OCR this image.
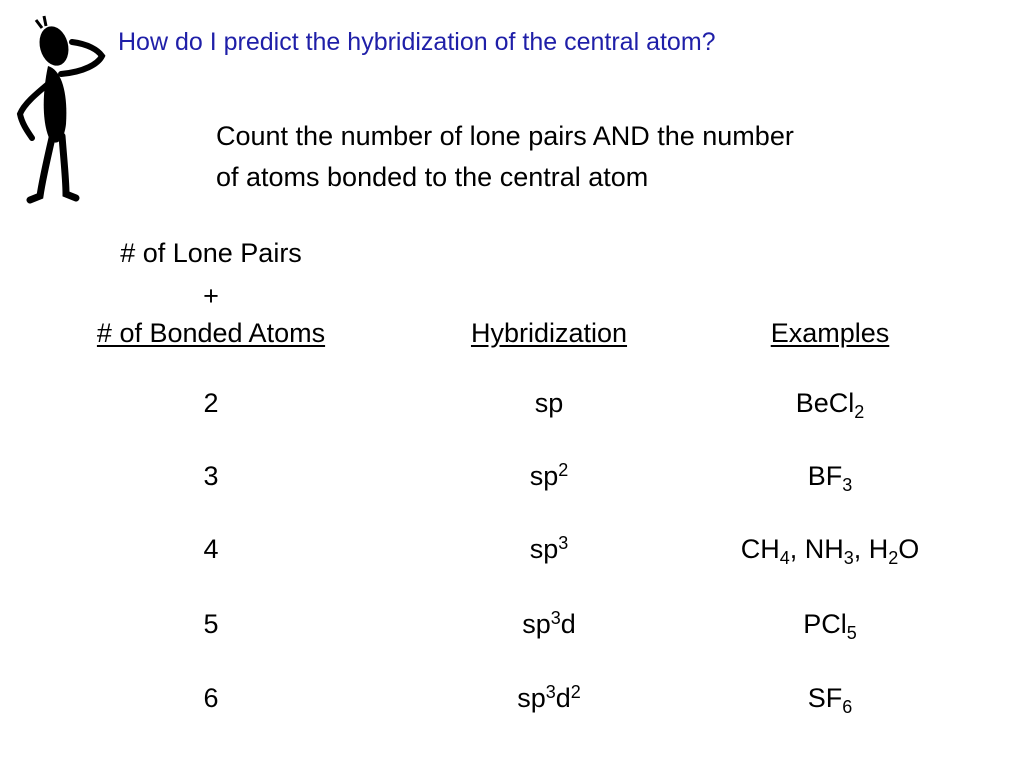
How do I predict the hybridization of the central atom?
Count the number of lone pairs AND the number
of atoms bonded to the central atom
# of Lone Pairs
+
# of Bonded Atoms	Hybridization	Examples
2	sp	BeCl$_2$
3	$sp^2$	$BF_3$
4	$sp^3$	$CH_4$, $NH_3$, $H_2O$
5	$sp^3d$	PCl$_5$
6	$sp^3d^2$	$SF_6$
